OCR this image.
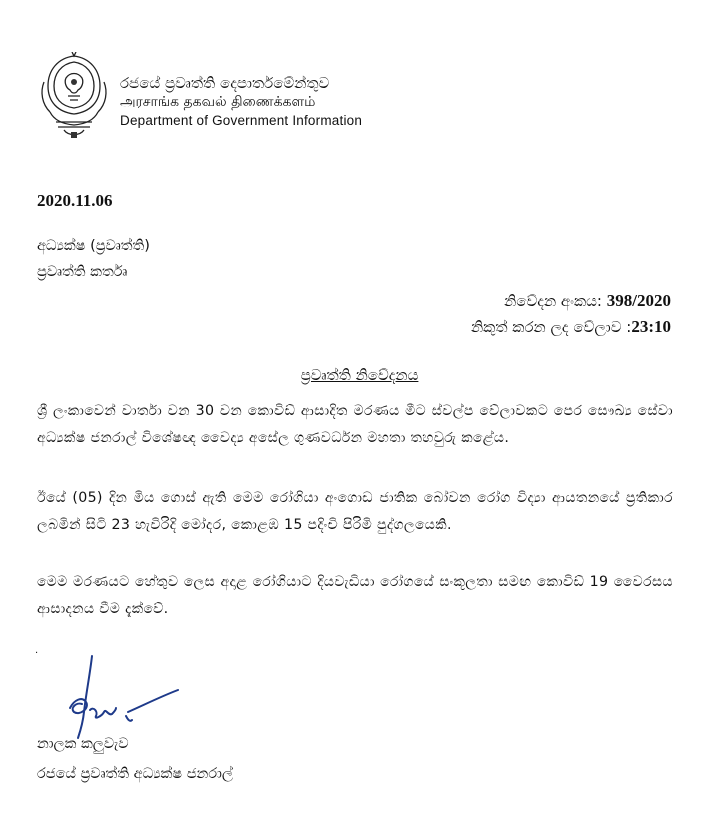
රජයේ ප්‍රවෘත්ති දෙපාර්තමේන්තුව
அரசாங்க தகவல் திணைக்களம்
Department of Government Information
2020.11.06
අධ්‍යක්ෂ (ප්‍රවෘත්ති)
ප්‍රවෘත්ති කර්තෘ
නිවේදන අංකය: 398/2020
නිකුත් කරන ලද වේලාව :23:10
ප්‍රවෘත්ති නිවේදනය
ශ්‍රී ලංකාවෙන් වාර්තා වන 30 වන කොවිඩ් ආසාදිත මරණය මීට ස්වල්ප වේලාවකට පෙර සෞඛ්‍ය සේවා අධ්‍යක්ෂ ජනරාල් විශේෂඥ වෛද්‍ය අසේල ගුණවර්ධන මහතා තහවුරු කළේය.
ඊයේ (05) දින මිය ගොස් ඇති මෙම රෝගියා අංගොඩ ජාතික බෝවන රෝග විද්‍යා ආයතනයේ ප්‍රතිකාර ලබමින් සිටි 23 හැවිරිදි මෝදර, කොළඹ 15 පදිංචි පිරිමි පුද්ගලයෙකි.
මෙම මරණයට හේතුව ලෙස අදාළ රෝගියාට දියවැඩියා රෝගයේ සංකූලතා සමඟ කොවිඩ් 19 වෛරසය ආසාදනය වීම දැක්වේ.
·
නාලක කලුවැව
රජයේ ප්‍රවෘත්ති අධ්‍යක්ෂ ජනරාල්
